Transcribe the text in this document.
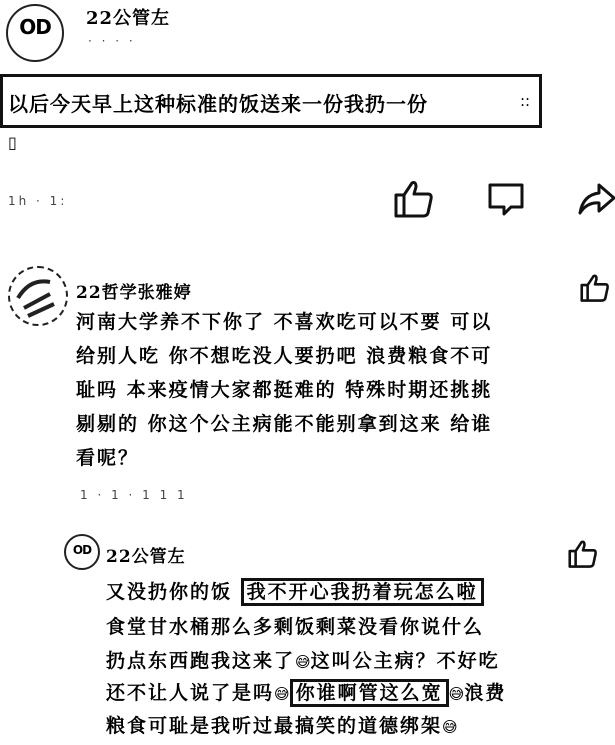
OD	22公管左
· · · ·
以后今天早上这种标准的饭送来一份我扔一份	::
▯
1h · 1:
22哲学张雅婷
河南大学养不下你了 不喜欢吃可以不要 可以
给别人吃 你不想吃没人要扔吧 浪费粮食不可
耻吗 本来疫情大家都挺难的 特殊时期还挑挑
剔剔的 你这个公主病能不能别拿到这来 给谁
看呢？
1 · 1 · 1 1 1
OD 22公管左
又没扔你的饭 我不开心我扔着玩怎么啦
食堂甘水桶那么多剩饭剩菜没看你说什么
扔点东西跑我这来了😅这叫公主病？不好吃
还不让人说了是吗😅 你谁啊管这么宽 😅浪费
粮食可耻是我听过最搞笑的道德绑架😅
